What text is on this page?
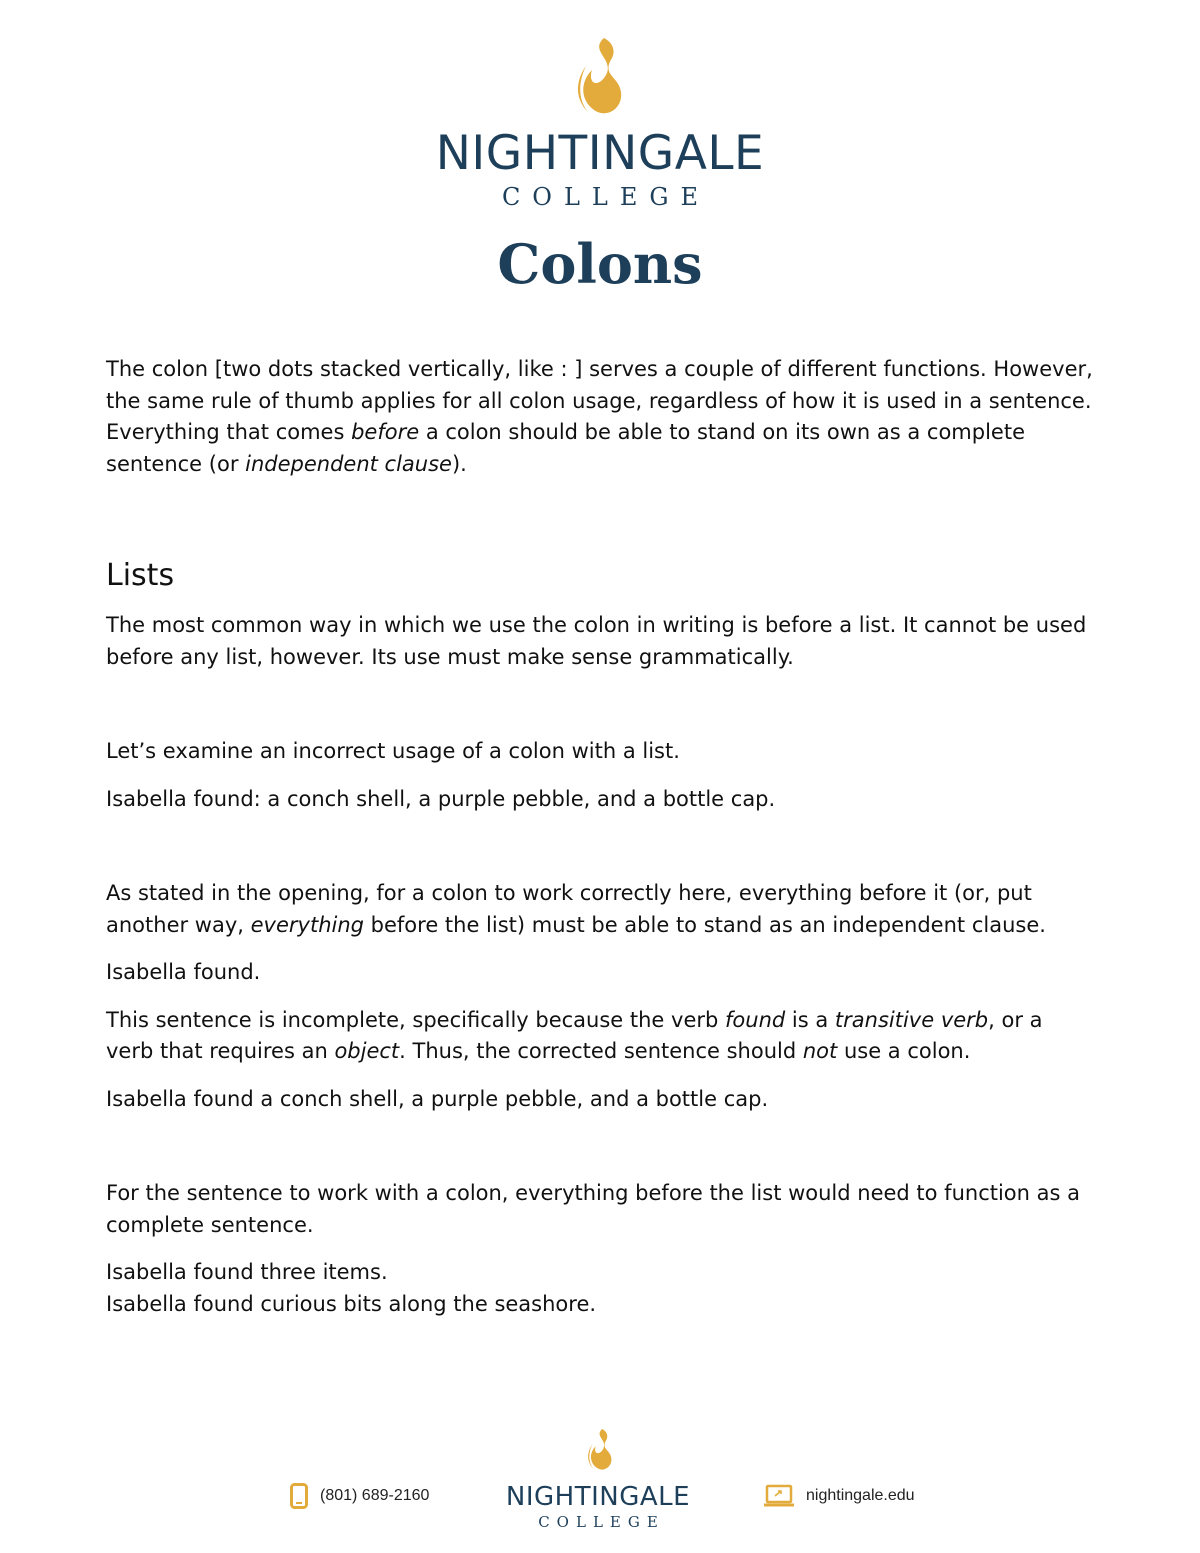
NIGHTINGALE
COLLEGE
Colons

The colon [two dots stacked vertically, like : ] serves a couple of different functions. However, the same rule of thumb applies for all colon usage, regardless of how it is used in a sentence. Everything that comes before a colon should be able to stand on its own as a complete sentence (or independent clause).

Lists

The most common way in which we use the colon in writing is before a list. It cannot be used before any list, however. Its use must make sense grammatically.

Let’s examine an incorrect usage of a colon with a list.

Isabella found: a conch shell, a purple pebble, and a bottle cap.

As stated in the opening, for a colon to work correctly here, everything before it (or, put another way, everything before the list) must be able to stand as an independent clause.

Isabella found.

This sentence is incomplete, specifically because the verb found is a transitive verb, or a verb that requires an object. Thus, the corrected sentence should not use a colon.

Isabella found a conch shell, a purple pebble, and a bottle cap.

For the sentence to work with a colon, everything before the list would need to function as a complete sentence.

Isabella found three items.

Isabella found curious bits along the seashore.

(801) 689-2160	NIGHTINGALE
COLLEGE
nightingale.edu
